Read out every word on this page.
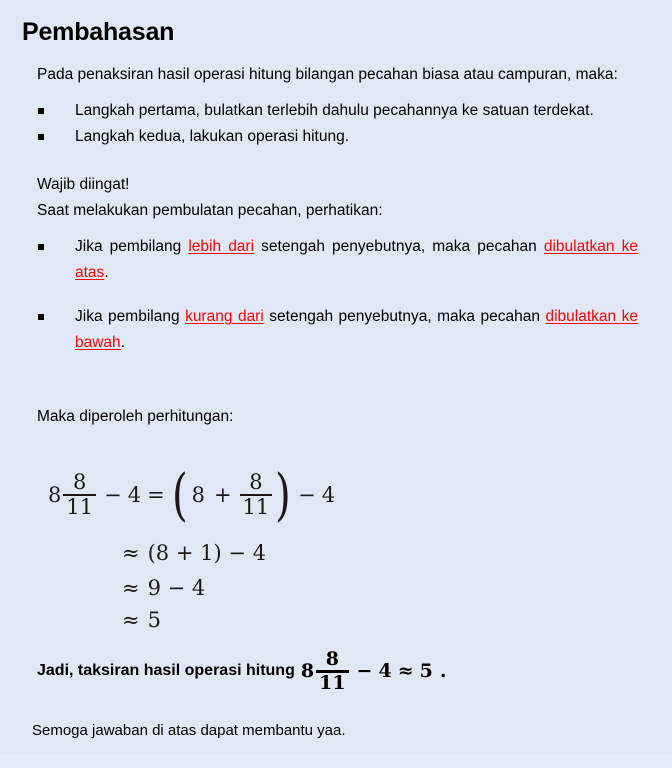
Pembahasan

Pada penaksiran hasil operasi hitung bilangan pecahan biasa atau campuran, maka:

Langkah pertama, bulatkan terlebih dahulu pecahannya ke satuan terdekat.
Langkah kedua, lakukan operasi hitung.

Wajib diingat!

Saat melakukan pembulatan pecahan, perhatikan:

Jika pembilang lebih dari setengah penyebutnya, maka pecahan dibulatkan ke atas.
Jika pembilang kurang dari setengah penyebutnya, maka pecahan dibulatkan ke bawah.

Maka diperoleh perhitungan:

$8 \frac{8}{11} - 4$ = ( $8 + \frac{8}{11}$ ) − 4
≈ (8 + 1) − 4
≈ 9 − 4
≈ 5
Jadi, taksiran hasil operasi hitung $8 \frac{8}{11} - 4 \approx 5$ .
Semoga jawaban di atas dapat membantu yaa.
